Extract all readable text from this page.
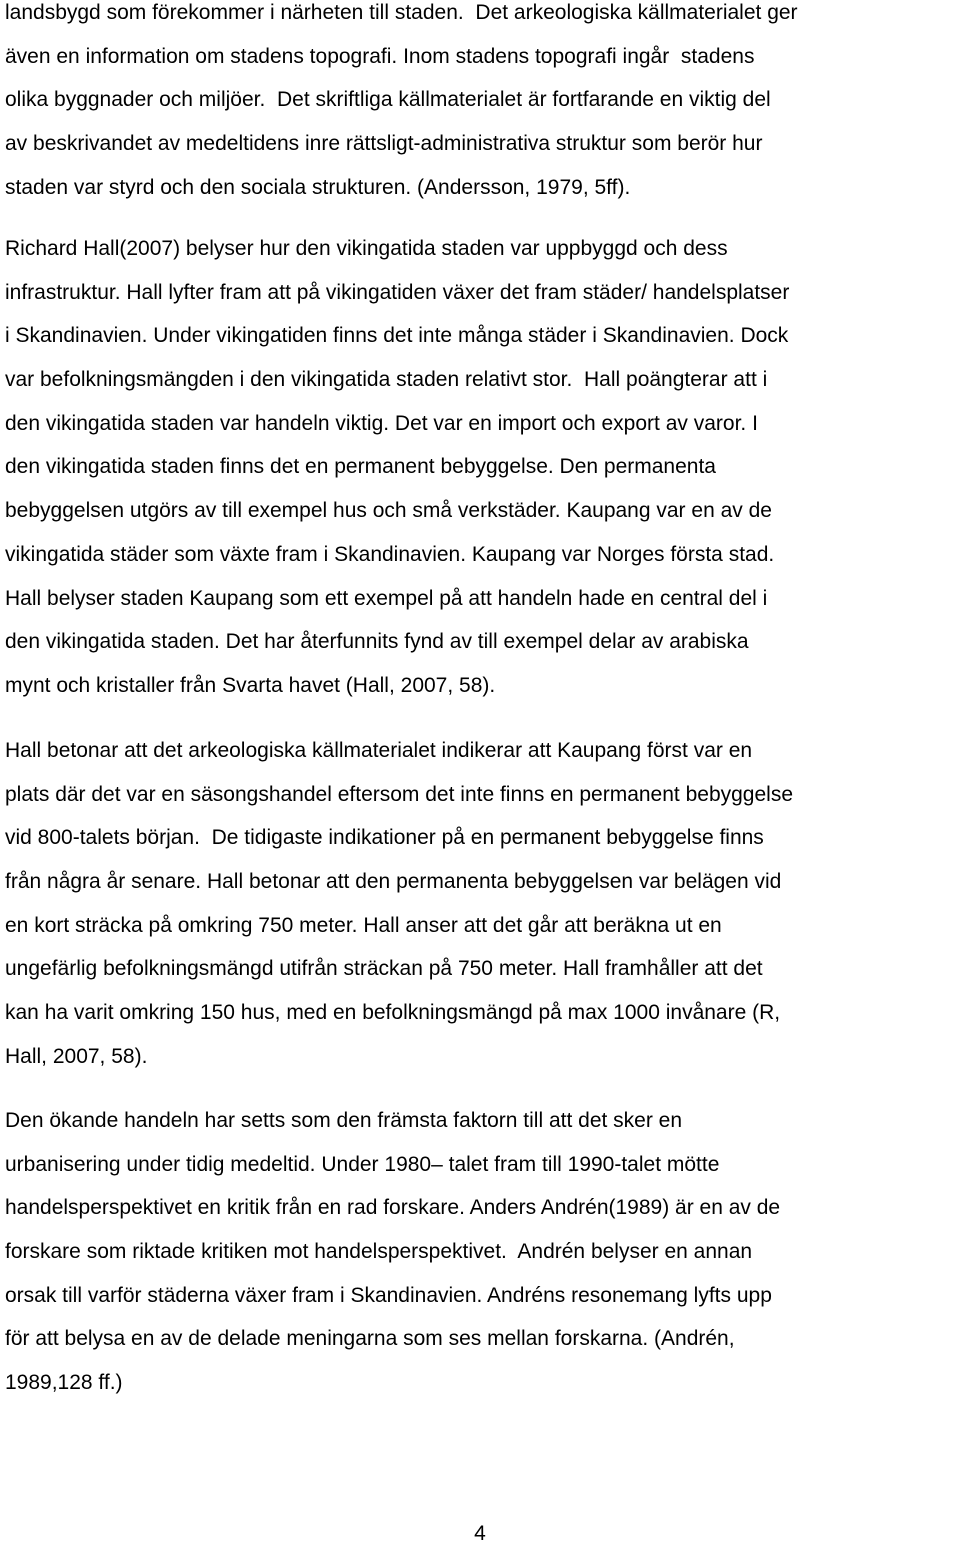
landsbygd som förekommer i närheten till staden.  Det arkeologiska källmaterialet ger
även en information om stadens topografi. Inom stadens topografi ingår  stadens
olika byggnader och miljöer.  Det skriftliga källmaterialet är fortfarande en viktig del
av beskrivandet av medeltidens inre rättsligt-administrativa struktur som berör hur
staden var styrd och den sociala strukturen. (Andersson, 1979, 5ff).

Richard Hall(2007) belyser hur den vikingatida staden var uppbyggd och dess
infrastruktur. Hall lyfter fram att på vikingatiden växer det fram städer/ handelsplatser
i Skandinavien. Under vikingatiden finns det inte många städer i Skandinavien. Dock
var befolkningsmängden i den vikingatida staden relativt stor.  Hall poängterar att i
den vikingatida staden var handeln viktig. Det var en import och export av varor. I
den vikingatida staden finns det en permanent bebyggelse. Den permanenta
bebyggelsen utgörs av till exempel hus och små verkstäder. Kaupang var en av de
vikingatida städer som växte fram i Skandinavien. Kaupang var Norges första stad.
Hall belyser staden Kaupang som ett exempel på att handeln hade en central del i
den vikingatida staden. Det har återfunnits fynd av till exempel delar av arabiska
mynt och kristaller från Svarta havet (Hall, 2007, 58).

Hall betonar att det arkeologiska källmaterialet indikerar att Kaupang först var en
plats där det var en säsongshandel eftersom det inte finns en permanent bebyggelse
vid 800-talets början.  De tidigaste indikationer på en permanent bebyggelse finns
från några år senare. Hall betonar att den permanenta bebyggelsen var belägen vid
en kort sträcka på omkring 750 meter. Hall anser att det går att beräkna ut en
ungefärlig befolkningsmängd utifrån sträckan på 750 meter. Hall framhåller att det
kan ha varit omkring 150 hus, med en befolkningsmängd på max 1000 invånare (R,
Hall, 2007, 58).

Den ökande handeln har setts som den främsta faktorn till att det sker en
urbanisering under tidig medeltid. Under 1980– talet fram till 1990-talet mötte
handelsperspektivet en kritik från en rad forskare. Anders Andrén(1989) är en av de
forskare som riktade kritiken mot handelsperspektivet.  Andrén belyser en annan
orsak till varför städerna växer fram i Skandinavien. Andréns resonemang lyfts upp
för att belysa en av de delade meningarna som ses mellan forskarna. (Andrén,
1989,128 ff.)

4
